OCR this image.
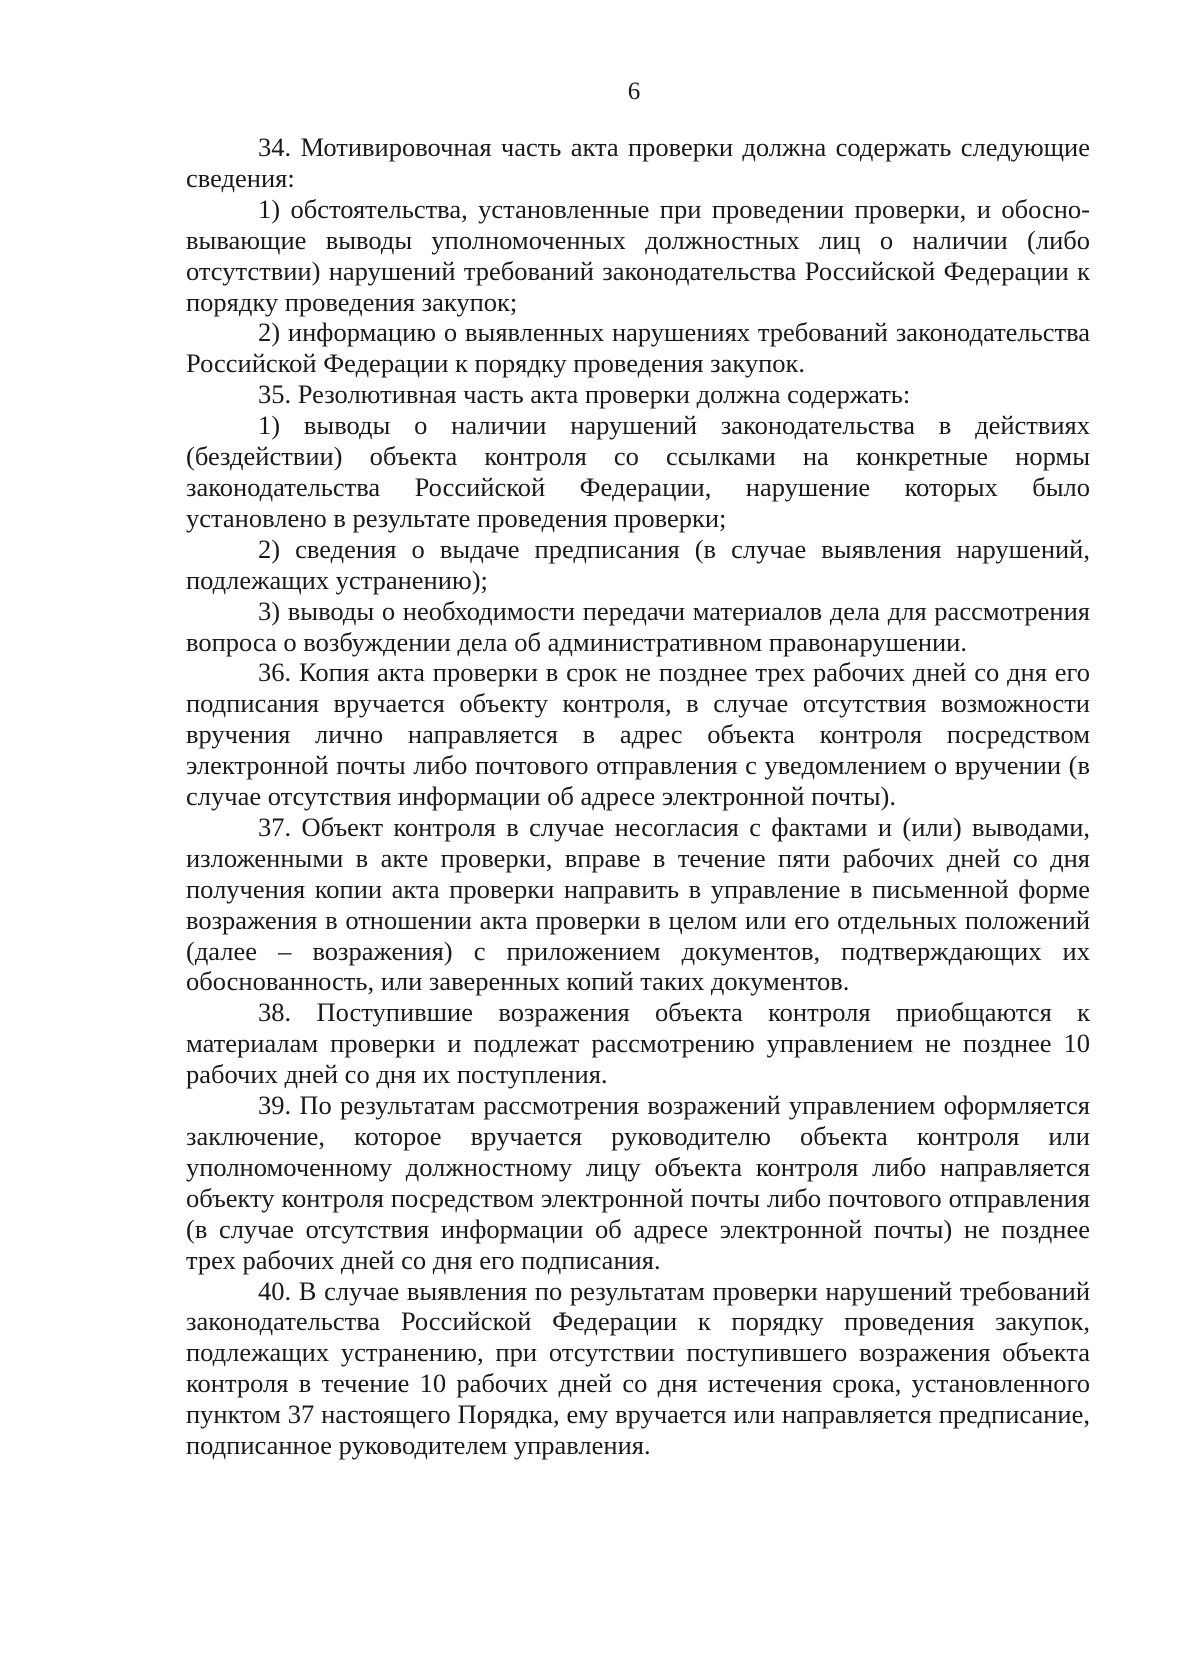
6

34. Мотивировочная часть акта проверки должна содержать следующие сведения:

1) обстоятельства, установленные при проведении проверки, и обосновывающие выводы уполномоченных должностных лиц о наличии (либо отсутствии) нарушений требований законодательства Российской Федерации к порядку проведения закупок;

2) информацию о выявленных нарушениях требований законодательства Российской Федерации к порядку проведения закупок.

35. Резолютивная часть акта проверки должна содержать:

1) выводы о наличии нарушений законодательства в действиях (бездействии) объекта контроля со ссылками на конкретные нормы законодательства Российской Федерации, нарушение которых было установлено в результате проведения проверки;

2) сведения о выдаче предписания (в случае выявления нарушений, подлежащих устранению);

3) выводы о необходимости передачи материалов дела для рассмотрения вопроса о возбуждении дела об административном правонарушении.

36. Копия акта проверки в срок не позднее трех рабочих дней со дня его подписания вручается объекту контроля, в случае отсутствия возможности вручения лично направляется в адрес объекта контроля посредством электронной почты либо почтового отправления с уведомлением о вручении (в случае отсутствия информации об адресе электронной почты).

37. Объект контроля в случае несогласия с фактами и (или) выводами, изложенными в акте проверки, вправе в течение пяти рабочих дней со дня получения копии акта проверки направить в управление в письменной форме возражения в отношении акта проверки в целом или его отдельных положений (далее – возражения) с приложением документов, подтверждающих их обоснованность, или заверенных копий таких документов.

38. Поступившие возражения объекта контроля приобщаются к материалам проверки и подлежат рассмотрению управлением не позднее 10 рабочих дней со дня их поступления.

39. По результатам рассмотрения возражений управлением оформляется заключение, которое вручается руководителю объекта контроля или уполномоченному должностному лицу объекта контроля либо направляется объекту контроля посредством электронной почты либо почтового отправления (в случае отсутствия информации об адресе электронной почты) не позднее трех рабочих дней со дня его подписания.

40. В случае выявления по результатам проверки нарушений требований законодательства Российской Федерации к порядку проведения закупок, подлежащих устранению, при отсутствии поступившего возражения объекта контроля в течение 10 рабочих дней со дня истечения срока, установленного пунктом 37 настоящего Порядка, ему вручается или направляется предписание, подписанное руководителем управления.
